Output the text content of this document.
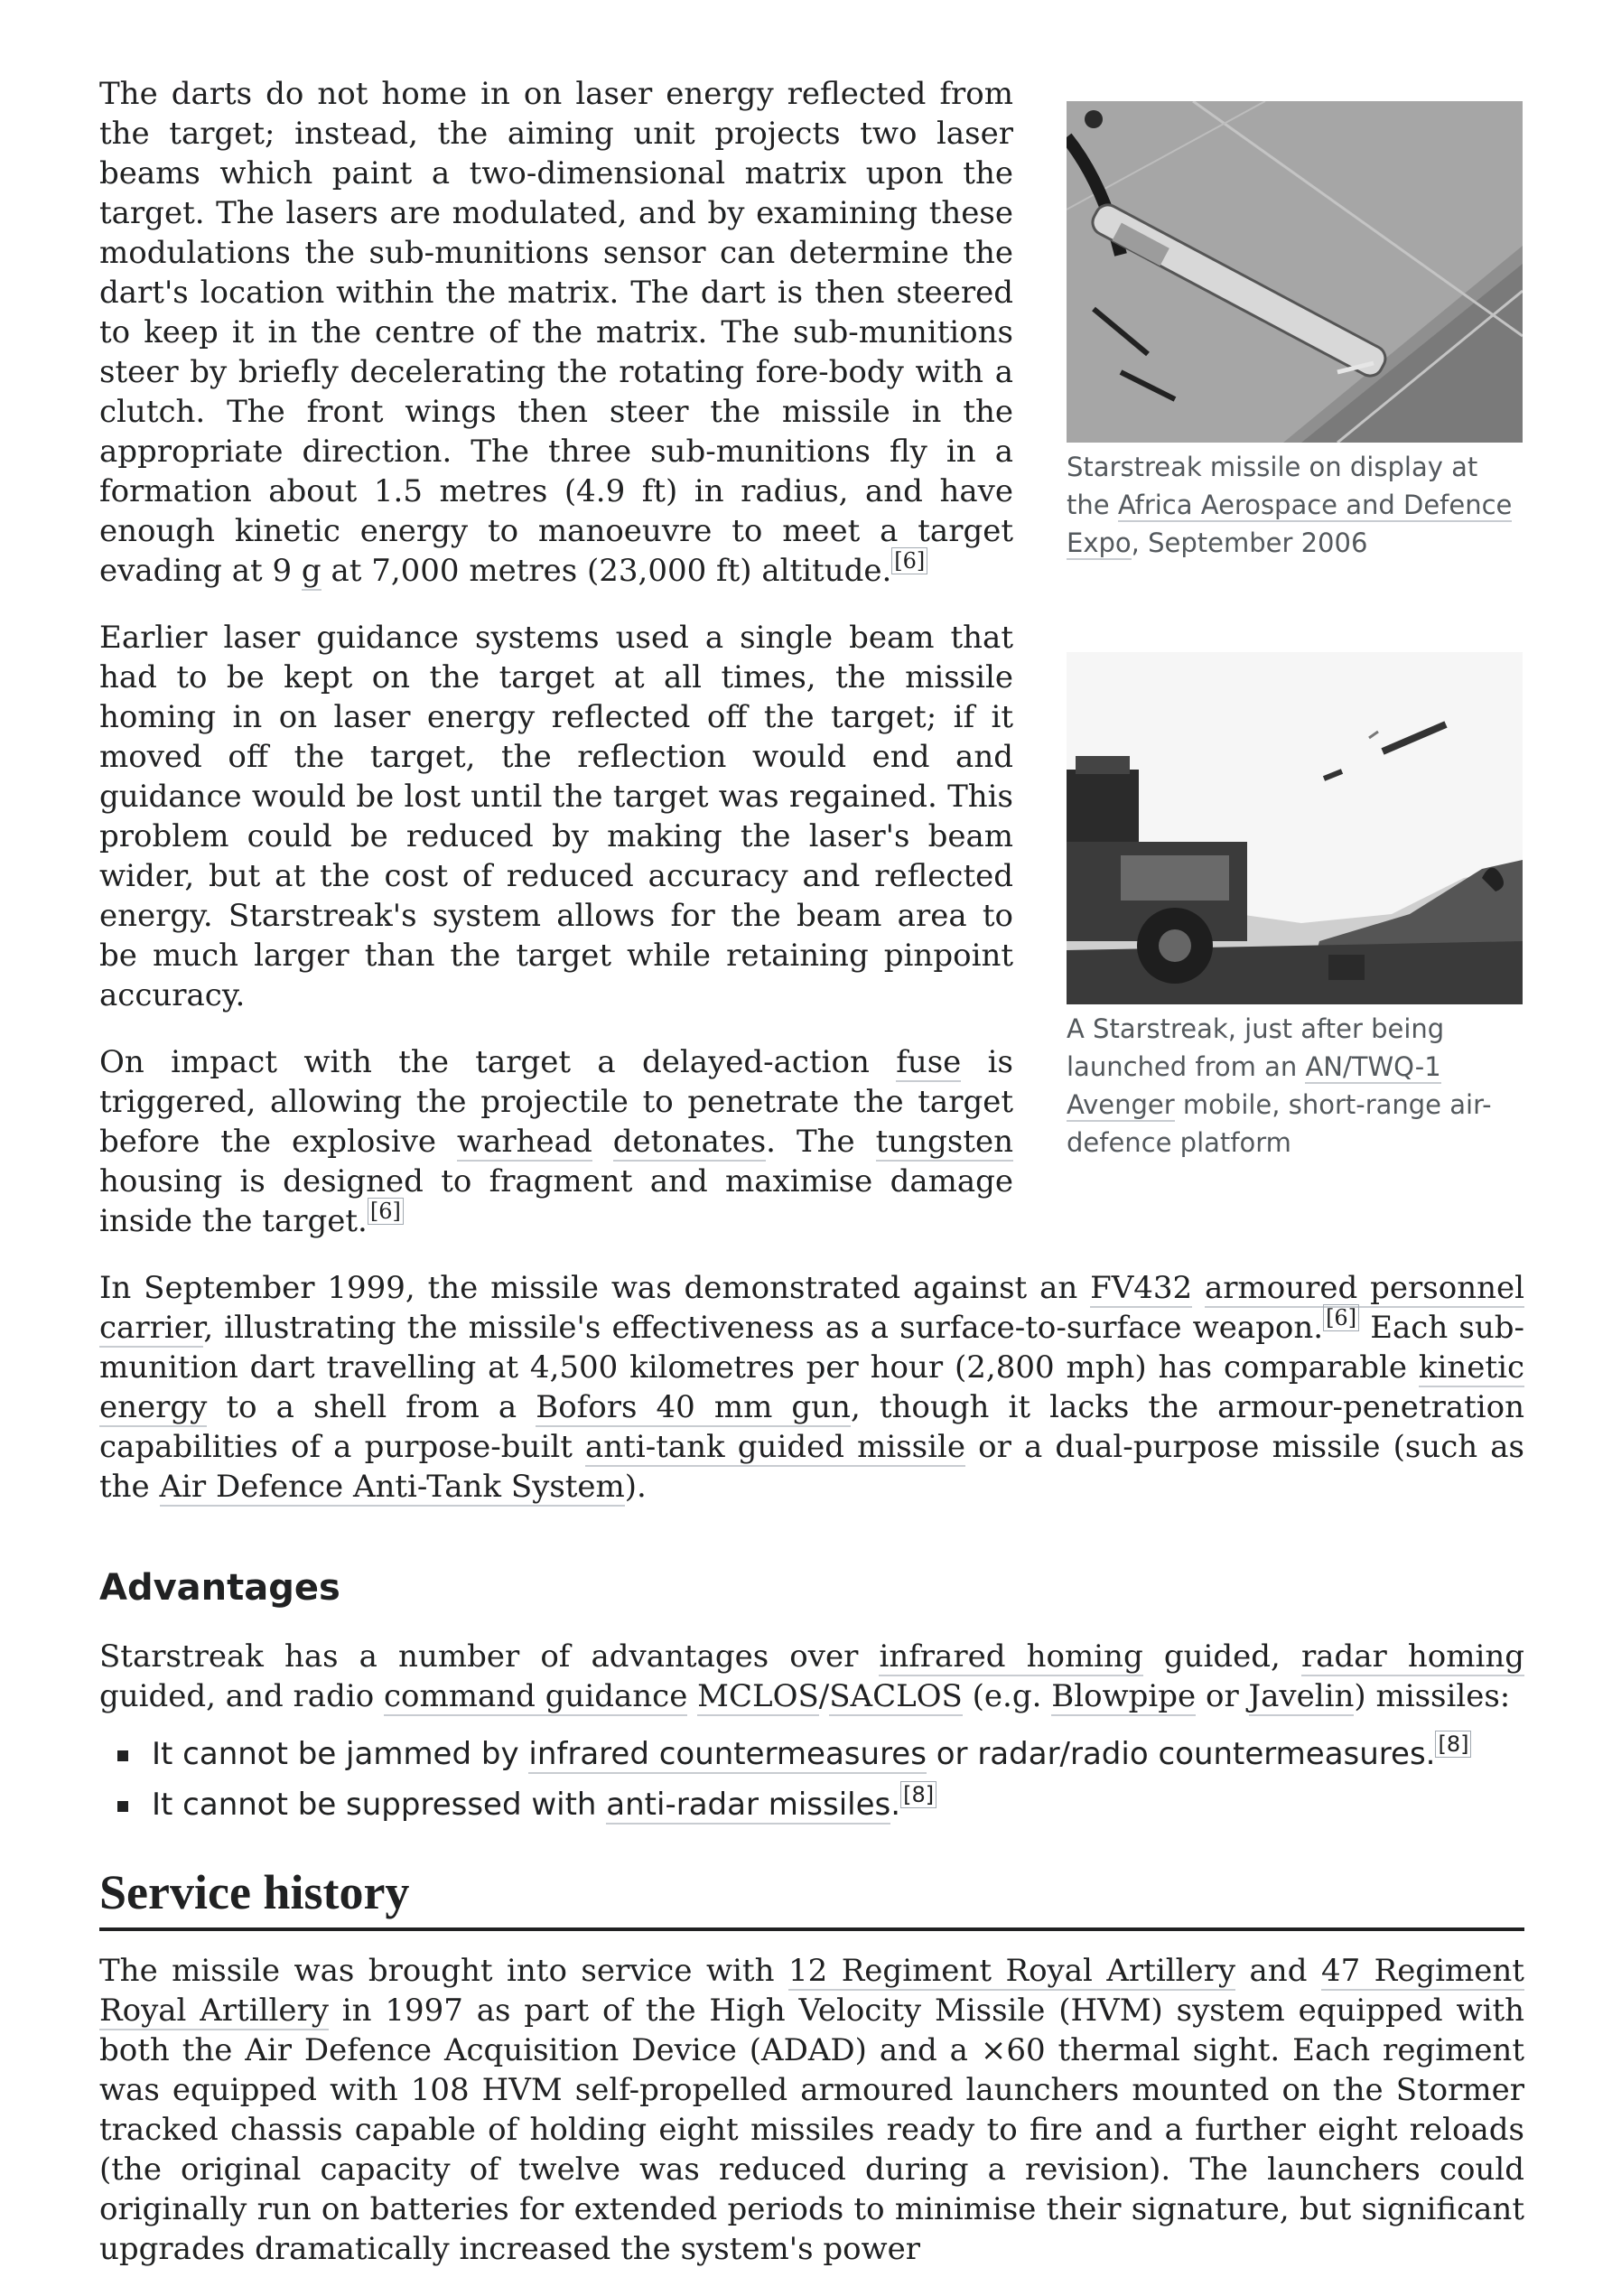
The darts do not home in on laser energy reflected from the target; instead, the aiming unit projects two laser beams which paint a two-dimensional matrix upon the target. The lasers are modulated, and by examining these modulations the sub-munitions sensor can determine the dart's location within the matrix. The dart is then steered to keep it in the centre of the matrix. The sub-munitions steer by briefly decelerating the rotating fore-body with a clutch. The front wings then steer the missile in the appropriate direction. The three sub-munitions fly in a formation about 1.5 metres (4.9 ft) in radius, and have enough kinetic energy to manoeuvre to meet a target evading at 9 g at 7,000 metres (23,000 ft) altitude. [6]

Earlier laser guidance systems used a single beam that had to be kept on the target at all times, the missile homing in on laser energy reflected off the target; if it moved off the target, the reflection would end and guidance would be lost until the target was regained. This problem could be reduced by making the laser's beam wider, but at the cost of reduced accuracy and reflected energy. Starstreak's system allows for the beam area to be much larger than the target while retaining pinpoint accuracy.

On impact with the target a delayed-action fuse is triggered, allowing the projectile to penetrate the target before the explosive warhead detonates. The tungsten housing is designed to fragment and maximise damage inside the target. [6]

In September 1999, the missile was demonstrated against an FV432 armoured personnel carrier, illustrating the missile's effectiveness as a surface-to-surface weapon. [6] Each sub-munition dart travelling at 4,500 kilometres per hour (2,800 mph) has comparable kinetic energy to a shell from a Bofors 40 mm gun, though it lacks the armour-penetration capabilities of a purpose-built anti-tank guided missile or a dual-purpose missile (such as the Air Defence Anti-Tank System).

Starstreak missile on display at the Africa Aerospace and Defence Expo, September 2006
A Starstreak, just after being launched from an AN/TWQ-1 Avenger mobile, short-range air-defence platform
Advantages

Starstreak has a number of advantages over infrared homing guided, radar homing guided, and radio command guidance MCLOS/SACLOS (e.g. Blowpipe or Javelin) missiles:

It cannot be jammed by infrared countermeasures or radar/radio countermeasures. [8]
It cannot be suppressed with anti-radar missiles. [8]
Service history

The missile was brought into service with 12 Regiment Royal Artillery and 47 Regiment Royal Artillery in 1997 as part of the High Velocity Missile (HVM) system equipped with both the Air Defence Acquisition Device (ADAD) and a ×60 thermal sight. Each regiment was equipped with 108 HVM self-propelled armoured launchers mounted on the Stormer tracked chassis capable of holding eight missiles ready to fire and a further eight reloads (the original capacity of twelve was reduced during a revision). The launchers could originally run on batteries for extended periods to minimise their signature, but significant upgrades dramatically increased the system's power
